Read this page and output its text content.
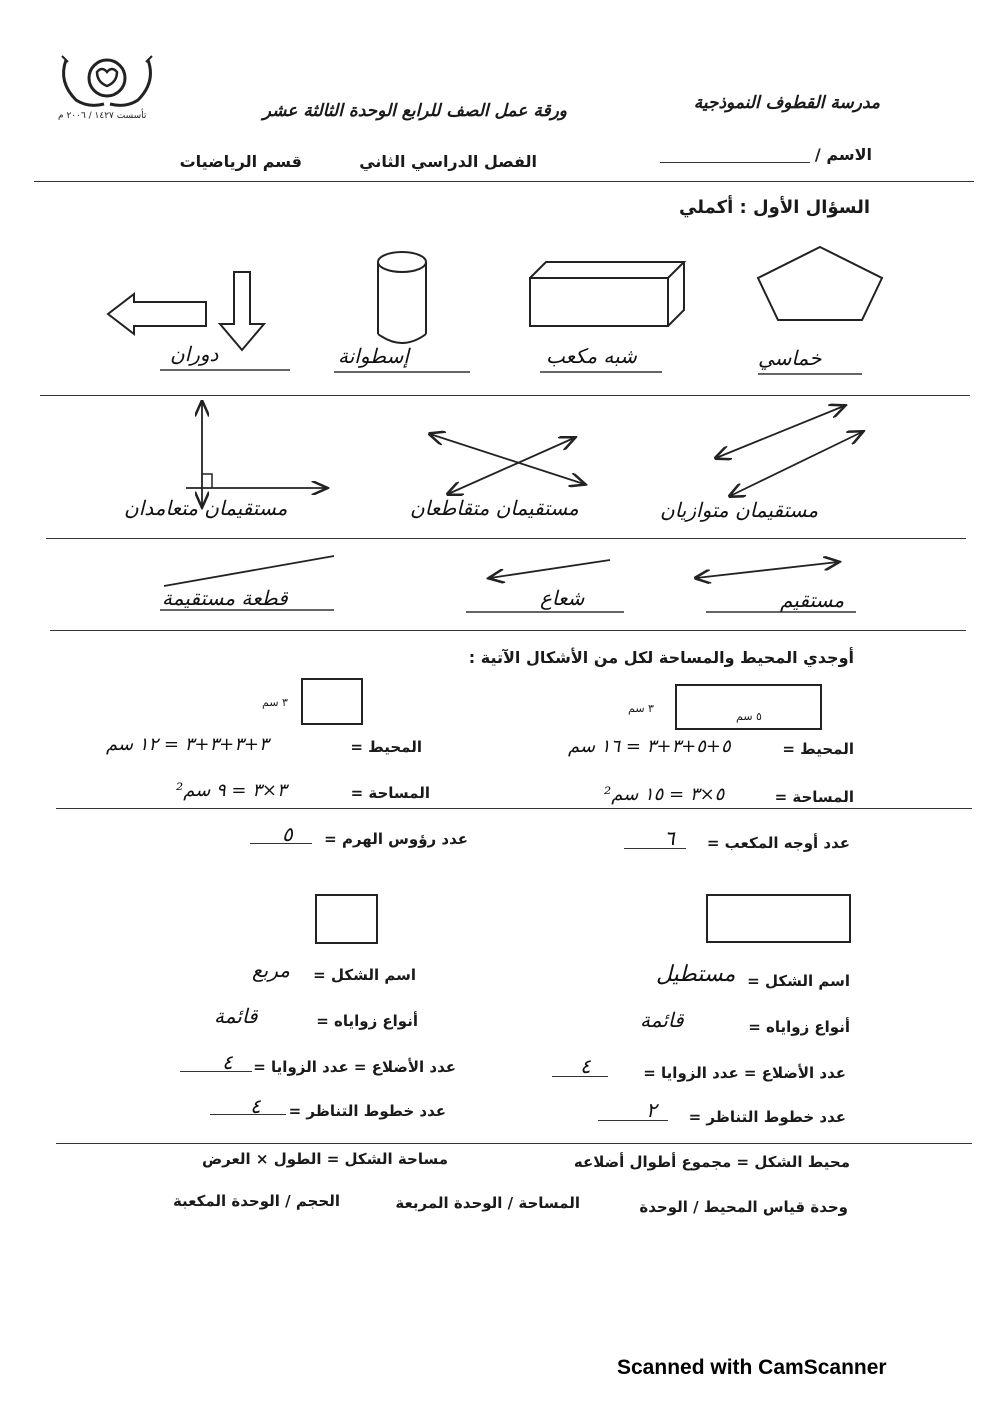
تأسست ١٤٢٧ / ٢٠٠٦ م
مدرسة القطوف النموذجية
ورقة عمل الصف للرابع الوحدة الثالثة عشر
الاسم /
الفصل الدراسي الثاني
قسم الرياضيات
السؤال الأول : أكملي
خماسي
شبه مكعب
إسطوانة
دوران
مستقيمان متوازيان
مستقيمان متقاطعان
مستقيمان متعامدان
مستقيم
شعاع
قطعة مستقيمة
أوجدي المحيط والمساحة لكل من الأشكال الآتية :
٣ سم
٥ سم
٣ سم
المحيط =
٥+٥+٣+٣ = ١٦ سم
المساحة =
٥×٣ = ١٥ سم²
المحيط =
٣+٣+٣+٣ = ١٢ سم
المساحة =
٣×٣ = ٩ سم²
عدد أوجه المكعب =
٦
عدد رؤوس الهرم =
٥
اسم الشكل =
مستطيل
أنواع زواياه =
قائمة
عدد الأضلاع = عدد الزوايا =
٤
عدد خطوط التناظر =
٢
اسم الشكل =
مربع
أنواع زواياه =
قائمة
عدد الأضلاع = عدد الزوايا =
٤
عدد خطوط التناظر =
٤
محيط الشكل = مجموع أطوال أضلاعه
مساحة الشكل = الطول × العرض
وحدة قياس المحيط / الوحدة
المساحة / الوحدة المربعة
الحجم / الوحدة المكعبة
Scanned with CamScanner
